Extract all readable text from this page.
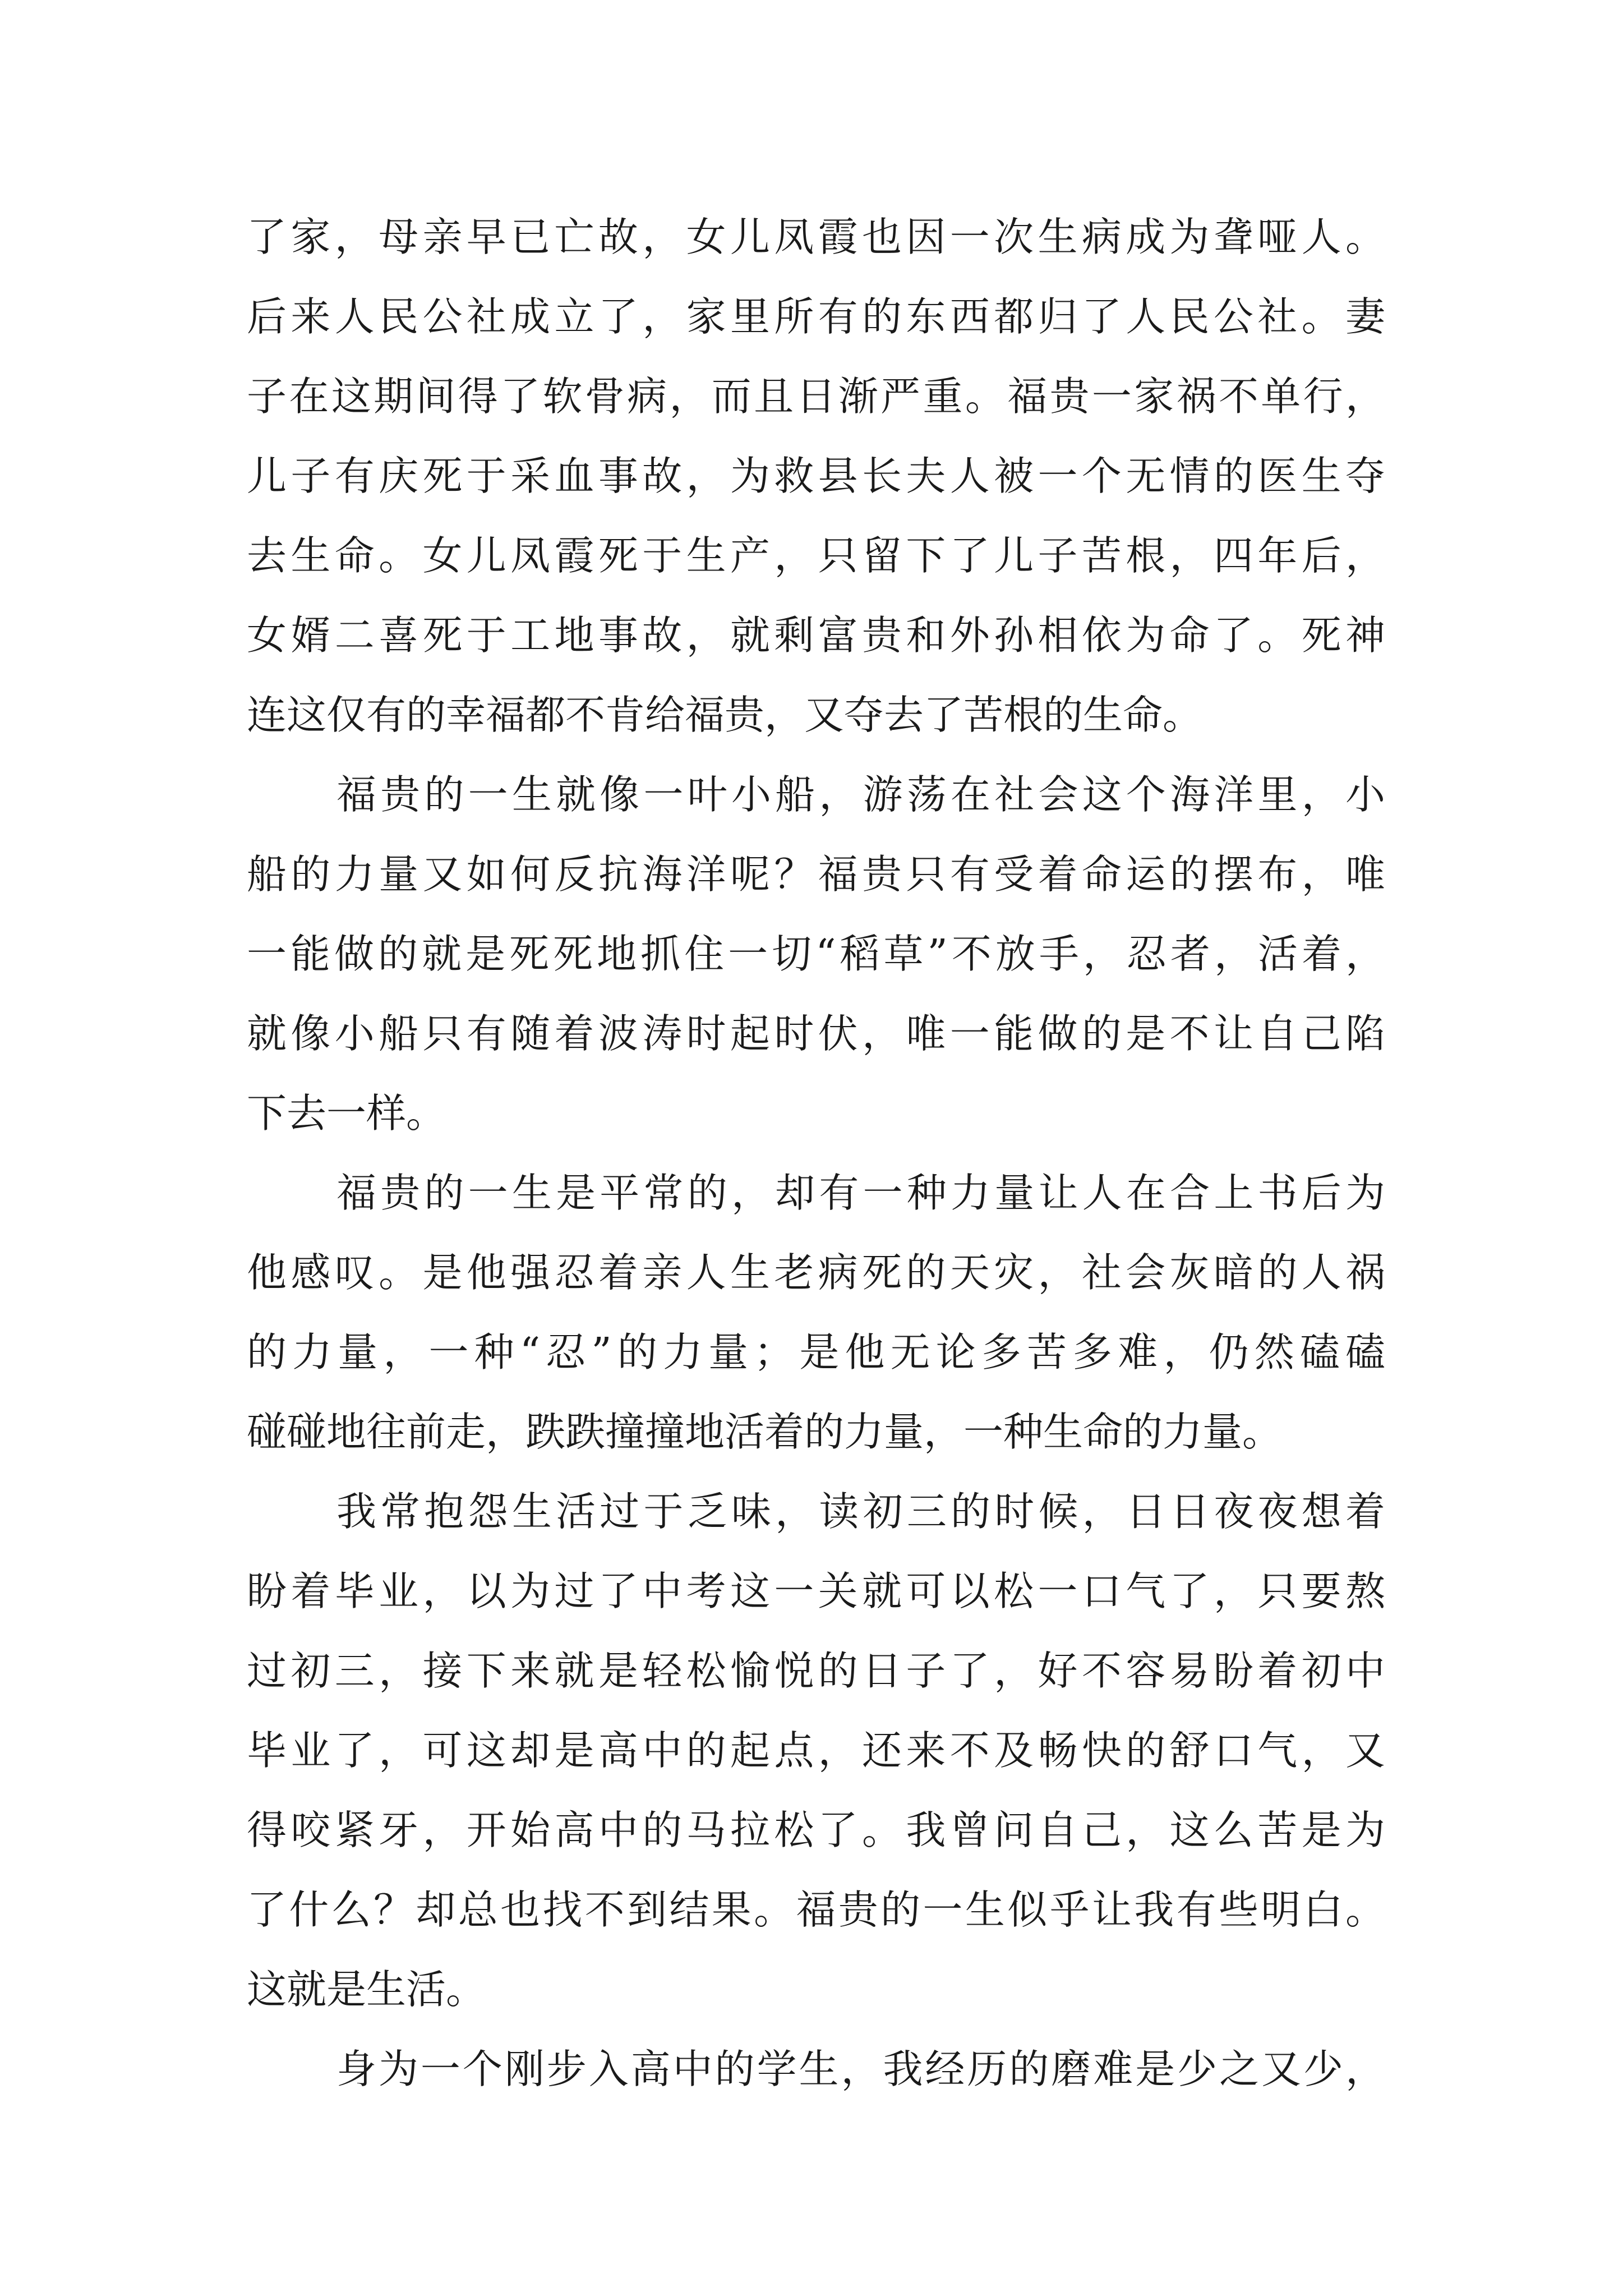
了家，母亲早已亡故，女儿凤霞也因一次生病成为聋哑人。
后来人民公社成立了，家里所有的东西都归了人民公社。妻
子在这期间得了软骨病，而且日渐严重。福贵一家祸不单行，
儿子有庆死于采血事故，为救县长夫人被一个无情的医生夺
去生命。女儿凤霞死于生产，只留下了儿子苦根，四年后，
女婿二喜死于工地事故，就剩富贵和外孙相依为命了。死神
连这仅有的幸福都不肯给福贵，又夺去了苦根的生命。
福贵的一生就像一叶小船，游荡在社会这个海洋里，小
船的力量又如何反抗海洋呢？福贵只有受着命运的摆布，唯
一能做的就是死死地抓住一切“稻草”不放手，忍者，活着，
就像小船只有随着波涛时起时伏，唯一能做的是不让自己陷
下去一样。
福贵的一生是平常的，却有一种力量让人在合上书后为
他感叹。是他强忍着亲人生老病死的天灾，社会灰暗的人祸
的力量，一种“忍”的力量；是他无论多苦多难，仍然磕磕
碰碰地往前走，跌跌撞撞地活着的力量，一种生命的力量。
我常抱怨生活过于乏味，读初三的时候，日日夜夜想着
盼着毕业，以为过了中考这一关就可以松一口气了，只要熬
过初三，接下来就是轻松愉悦的日子了，好不容易盼着初中
毕业了，可这却是高中的起点，还来不及畅快的舒口气，又
得咬紧牙，开始高中的马拉松了。我曾问自己，这么苦是为
了什么？却总也找不到结果。福贵的一生似乎让我有些明白。
这就是生活。
身为一个刚步入高中的学生，我经历的磨难是少之又少，
